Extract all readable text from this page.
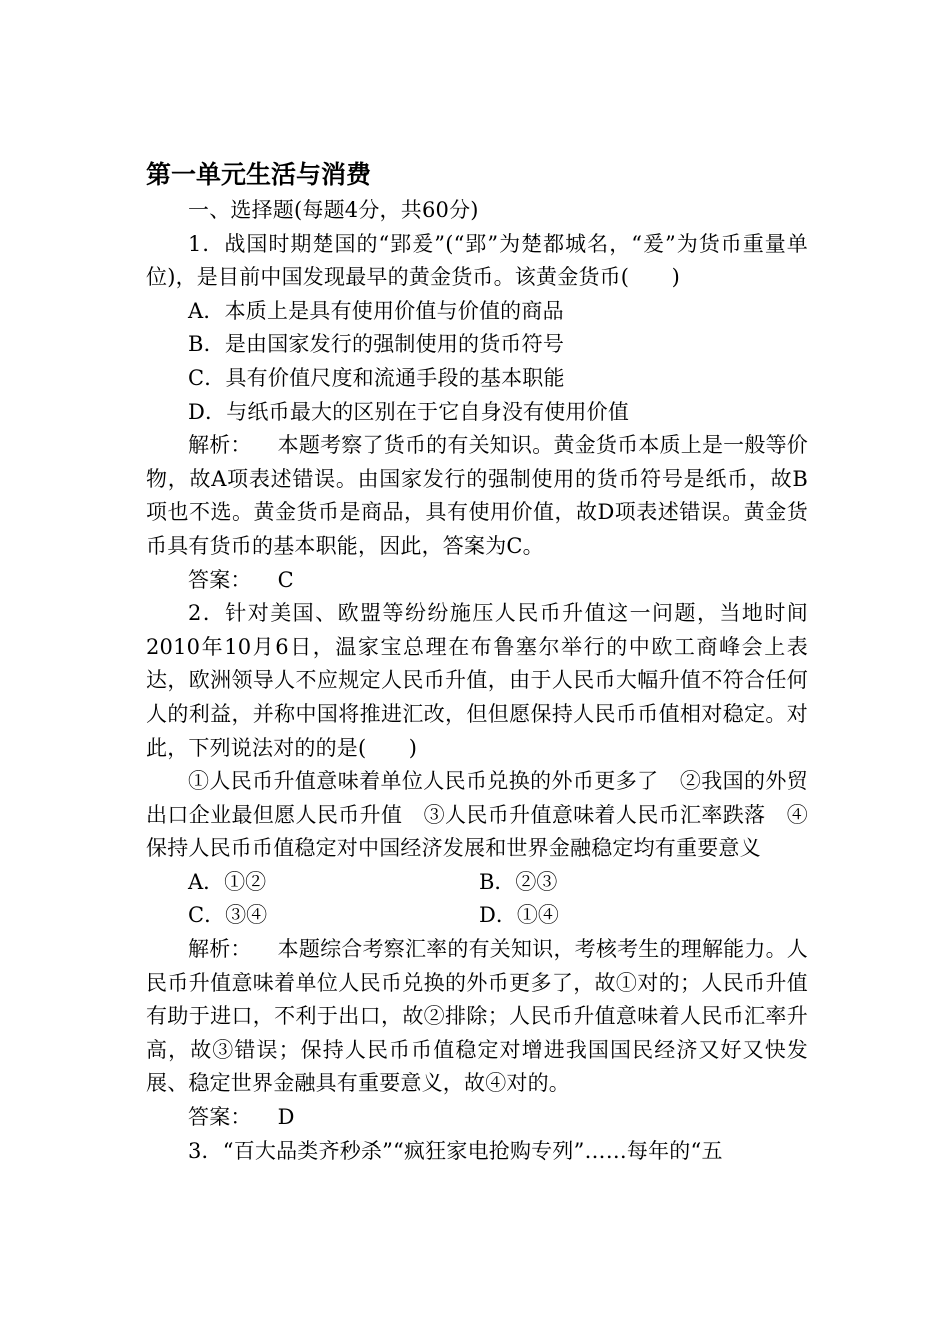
第一单元生活与消费
一、选择题(每题4分，共60分)
1．战国时期楚国的“郢爰”(“郢”为楚都城名，“爰”为货币重量单位)，是目前中国发现最早的黄金货币。该黄金货币(　　)
A．本质上是具有使用价值与价值的商品
B．是由国家发行的强制使用的货币符号
C．具有价值尺度和流通手段的基本职能
D．与纸币最大的区别在于它自身没有使用价值
解析： 本题考察了货币的有关知识。黄金货币本质上是一般等价物，故A项表述错误。由国家发行的强制使用的货币符号是纸币，故B项也不选。黄金货币是商品，具有使用价值，故D项表述错误。黄金货币具有货币的基本职能，因此，答案为C。
答案： C
2．针对美国、欧盟等纷纷施压人民币升值这一问题，当地时间2010年10月6日，温家宝总理在布鲁塞尔举行的中欧工商峰会上表达，欧洲领导人不应规定人民币升值，由于人民币大幅升值不符合任何人的利益，并称中国将推进汇改，但但愿保持人民币币值相对稳定。对此，下列说法对的的是(　　)
①人民币升值意味着单位人民币兑换的外币更多了　②我国的外贸出口企业最但愿人民币升值　③人民币升值意味着人民币汇率跌落　④保持人民币币值稳定对中国经济发展和世界金融稳定均有重要意义
A．①②	B．②③
C．③④	D．①④
解析： 本题综合考察汇率的有关知识，考核考生的理解能力。人民币升值意味着单位人民币兑换的外币更多了，故①对的；人民币升值有助于进口，不利于出口，故②排除；人民币升值意味着人民币汇率升高，故③错误；保持人民币币值稳定对增进我国国民经济又好又快发展、稳定世界金融具有重要意义，故④对的。
答案： D
3．“百大品类齐秒杀”“疯狂家电抢购专列”……每年的“五
